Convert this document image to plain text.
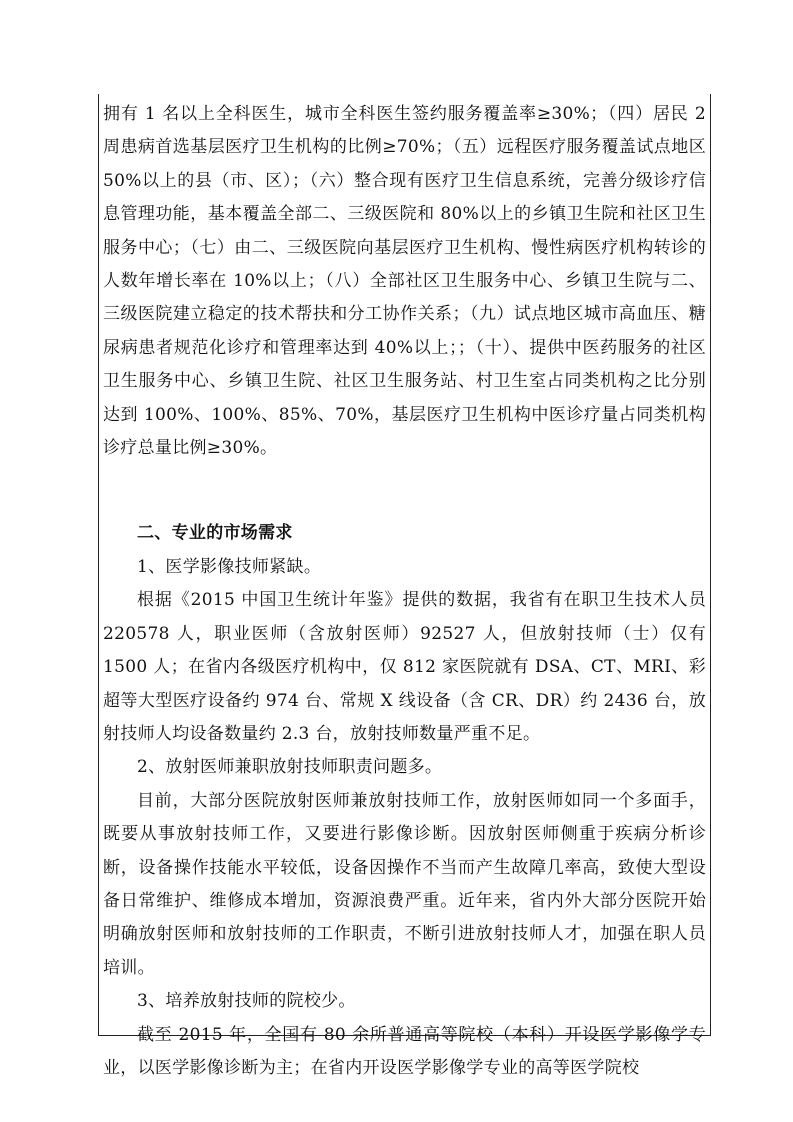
拥有 1 名以上全科医生，城市全科医生签约服务覆盖率≥30%；（四）居民 2 周患病首选基层医疗卫生机构的比例≥70%；（五）远程医疗服务覆盖试点地区 50%以上的县（市、区）；（六）整合现有医疗卫生信息系统，完善分级诊疗信息管理功能，基本覆盖全部二、三级医院和 80%以上的乡镇卫生院和社区卫生服务中心；（七）由二、三级医院向基层医疗卫生机构、慢性病医疗机构转诊的人数年增长率在 10%以上；（八）全部社区卫生服务中心、乡镇卫生院与二、三级医院建立稳定的技术帮扶和分工协作关系；（九）试点地区城市高血压、糖尿病患者规范化诊疗和管理率达到 40%以上；；（十）、提供中医药服务的社区卫生服务中心、乡镇卫生院、社区卫生服务站、村卫生室占同类机构之比分别达到 100%、100%、85%、70%，基层医疗卫生机构中医诊疗量占同类机构诊疗总量比例≥30%。

二、专业的市场需求

1、医学影像技师紧缺。

根据《2015 中国卫生统计年鉴》提供的数据，我省有在职卫生技术人员 220578 人，职业医师（含放射医师）92527 人，但放射技师（士）仅有 1500 人；在省内各级医疗机构中，仅 812 家医院就有 DSA、CT、MRI、彩超等大型医疗设备约 974 台、常规 X 线设备（含 CR、DR）约 2436 台，放射技师人均设备数量约 2.3 台，放射技师数量严重不足。

2、放射医师兼职放射技师职责问题多。

目前，大部分医院放射医师兼放射技师工作，放射医师如同一个多面手，既要从事放射技师工作，又要进行影像诊断。因放射医师侧重于疾病分析诊断，设备操作技能水平较低，设备因操作不当而产生故障几率高，致使大型设备日常维护、维修成本增加，资源浪费严重。近年来，省内外大部分医院开始明确放射医师和放射技师的工作职责，不断引进放射技师人才，加强在职人员培训。

3、培养放射技师的院校少。

截至 2015 年，全国有 80 余所普通高等院校（本科）开设医学影像学专业，以医学影像诊断为主；在省内开设医学影像学专业的高等医学院校
